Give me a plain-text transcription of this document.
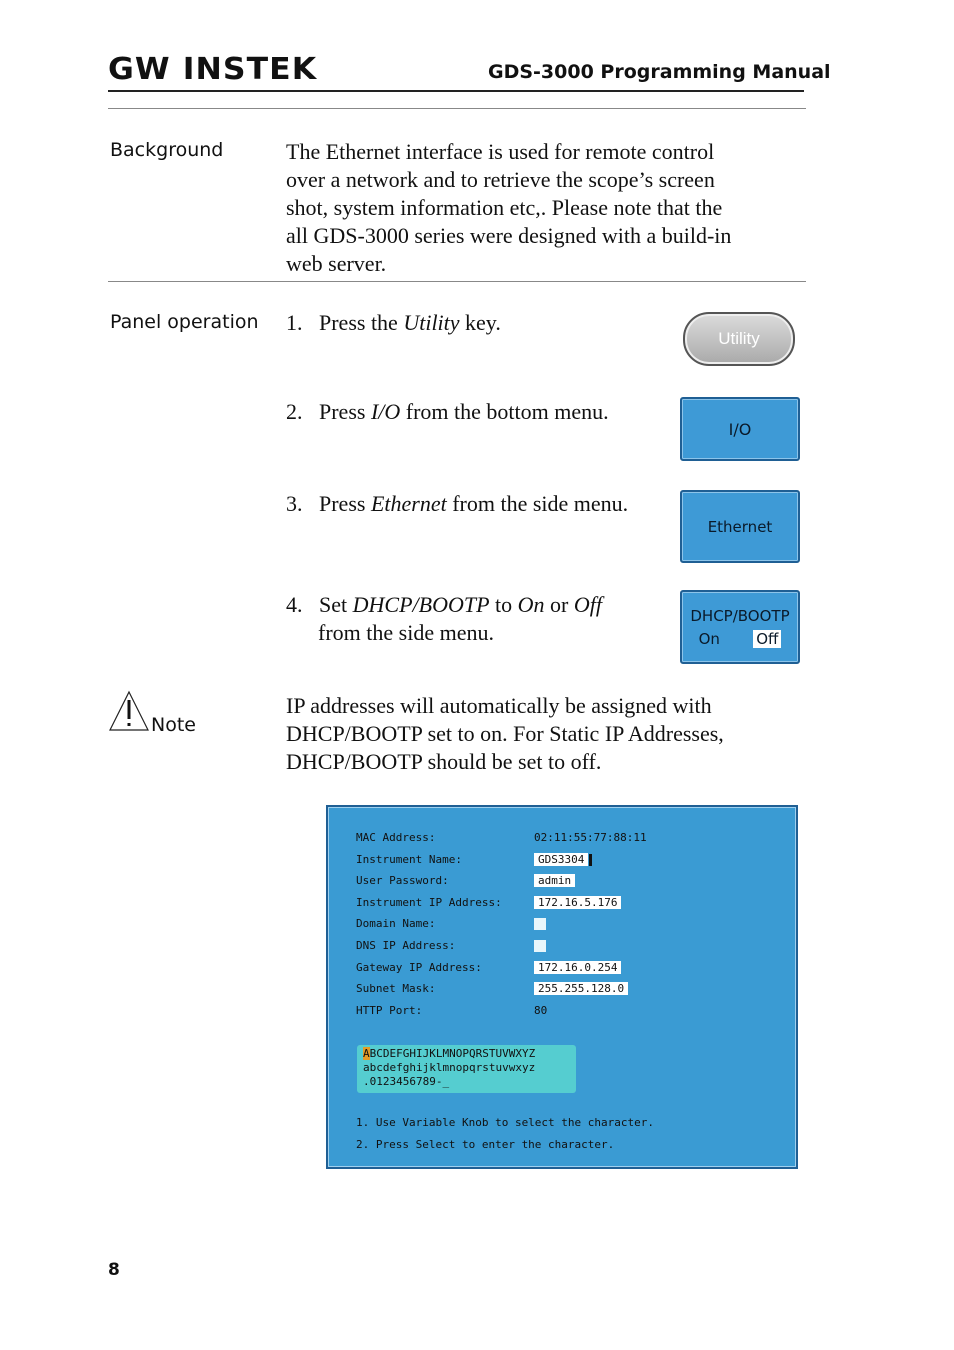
GW INSTEK	GDS-3000 Programming Manual
Background	The Ethernet interface is used for remote control
over a network and to retrieve the scope’s screen
shot, system information etc,. Please note that the
all GDS-3000 series were designed with a build-in
web server.
Panel operation 1. Press the Utility key.
Utility
2. Press I/O from the bottom menu.
I/O
3. Press Ethernet from the side menu.
Ethernet
4. Set DHCP/BOOTP to On or Off
from the side menu.
DHCP/BOOTP
On Off
Note
IP addresses will automatically be assigned with
DHCP/BOOTP set to on. For Static IP Addresses,
DHCP/BOOTP should be set to off.
MAC Address:	02:11:55:77:88:11
Instrument Name:	GDS3304
User Password:	admin
Instrument IP Address:	172.16.5.176
Domain Name:
DNS IP Address:
Gateway IP Address:	172.16.0.254
Subnet Mask:	255.255.128.0
HTTP Port:	80
ABCDEFGHIJKLMNOPQRSTUVWXYZ
abcdefghijklmnopqrstuvwxyz
.0123456789-_
1. Use Variable Knob to select the character.
2. Press Select to enter the character.
8
